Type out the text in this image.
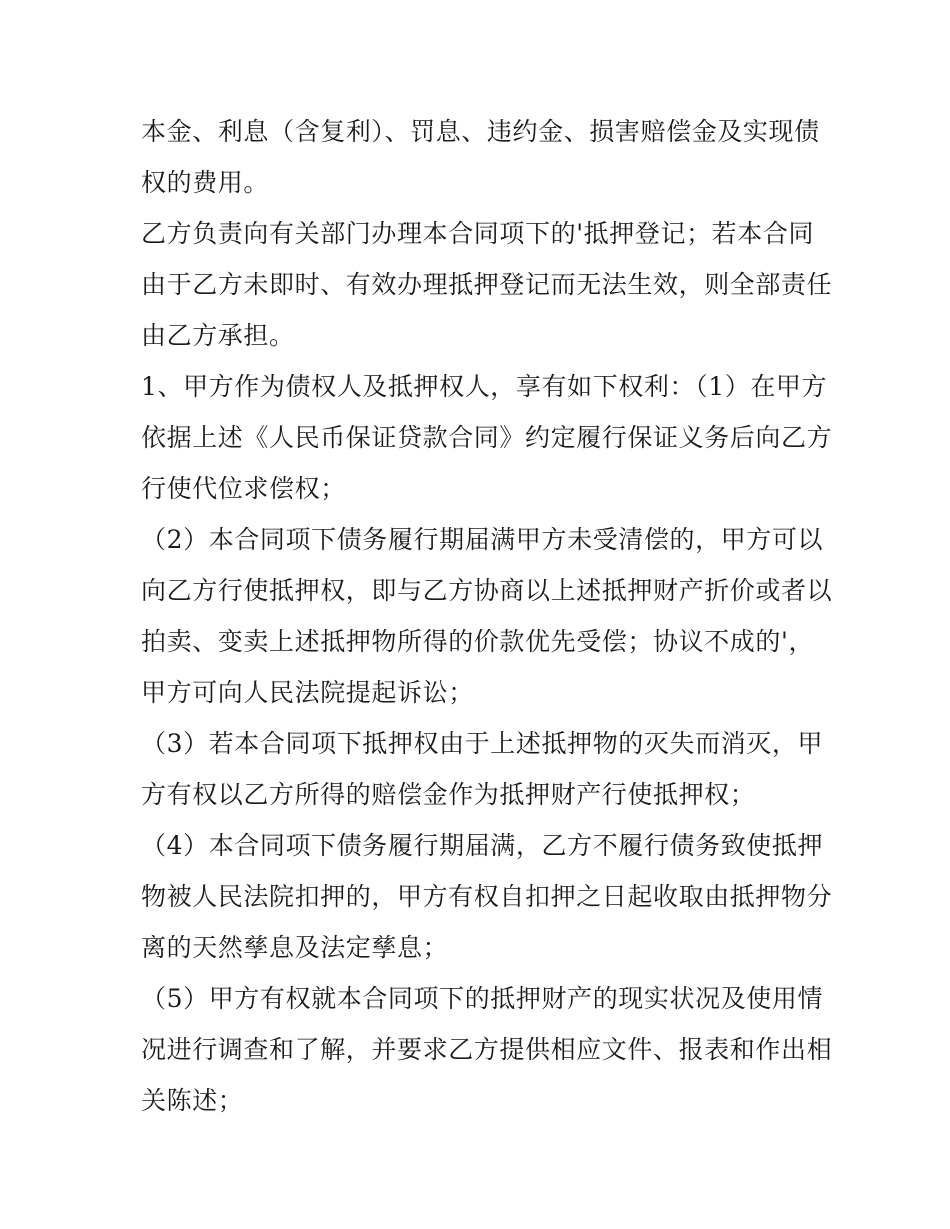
本金、利息（含复利）、罚息、违约金、损害赔偿金及实现债
权的费用。
乙方负责向有关部门办理本合同项下的'抵押登记；若本合同
由于乙方未即时、有效办理抵押登记而无法生效，则全部责任
由乙方承担。
1、甲方作为债权人及抵押权人，享有如下权利：（1）在甲方
依据上述《人民币保证贷款合同》约定履行保证义务后向乙方
行使代位求偿权；
（2）本合同项下债务履行期届满甲方未受清偿的，甲方可以
向乙方行使抵押权，即与乙方协商以上述抵押财产折价或者以
拍卖、变卖上述抵押物所得的价款优先受偿；协议不成的'，
甲方可向人民法院提起诉讼；
（3）若本合同项下抵押权由于上述抵押物的灭失而消灭，甲
方有权以乙方所得的赔偿金作为抵押财产行使抵押权；
（4）本合同项下债务履行期届满，乙方不履行债务致使抵押
物被人民法院扣押的，甲方有权自扣押之日起收取由抵押物分
离的天然孳息及法定孳息；
（5）甲方有权就本合同项下的抵押财产的现实状况及使用情
况进行调查和了解，并要求乙方提供相应文件、报表和作出相
关陈述；
